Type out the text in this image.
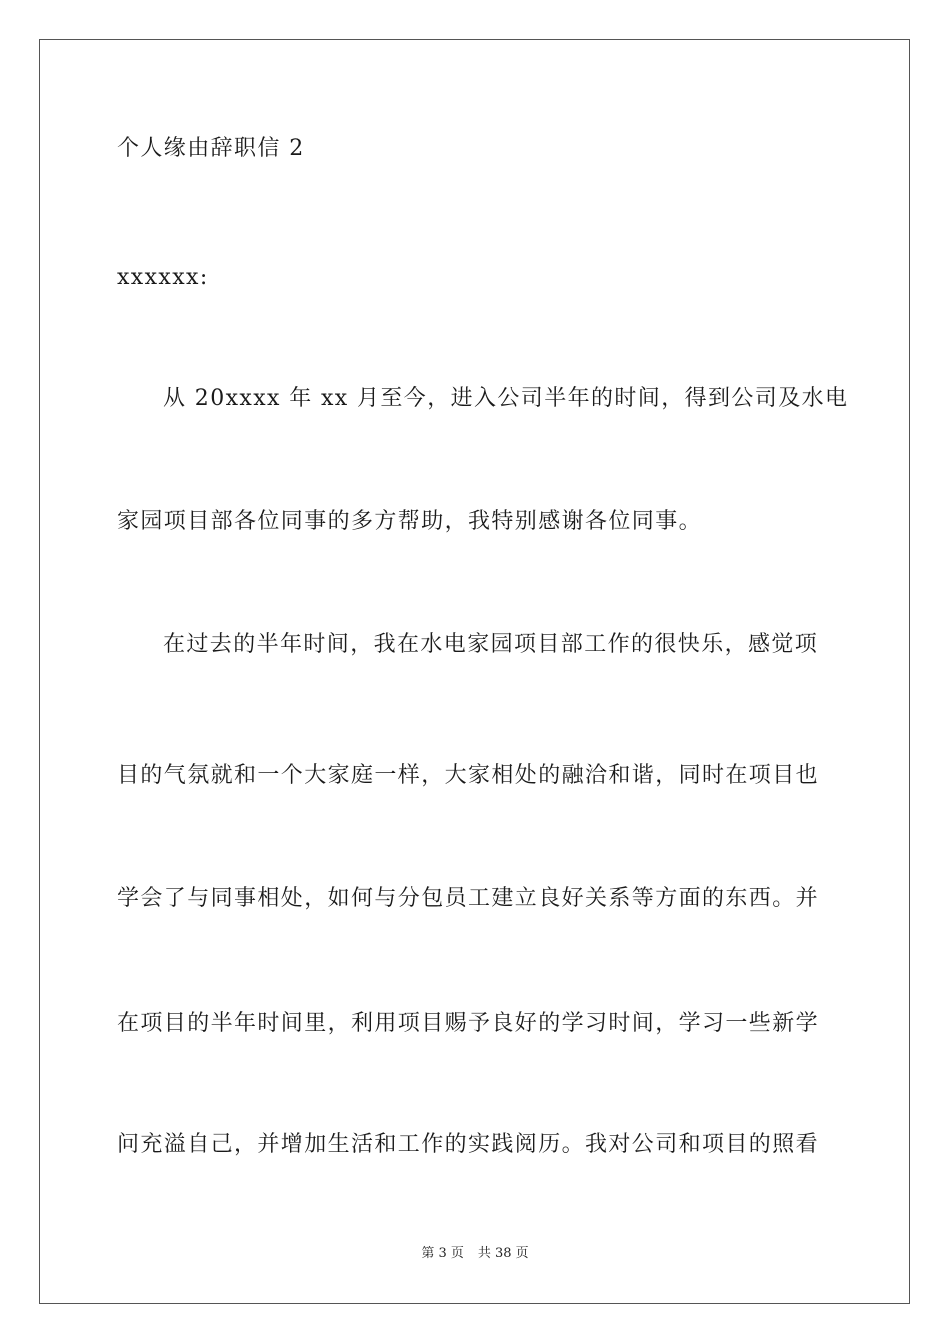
个人缘由辞职信 2
xxxxxx:
从 20xxxx 年 xx 月至今，进入公司半年的时间，得到公司及水电
家园项目部各位同事的多方帮助，我特别感谢各位同事。
在过去的半年时间，我在水电家园项目部工作的很快乐，感觉项
目的气氛就和一个大家庭一样，大家相处的融洽和谐，同时在项目也
学会了与同事相处，如何与分包员工建立良好关系等方面的东西。并
在项目的半年时间里，利用项目赐予良好的学习时间，学习一些新学
问充溢自己，并增加生活和工作的实践阅历。我对公司和项目的照看
第 3 页 共 38 页
